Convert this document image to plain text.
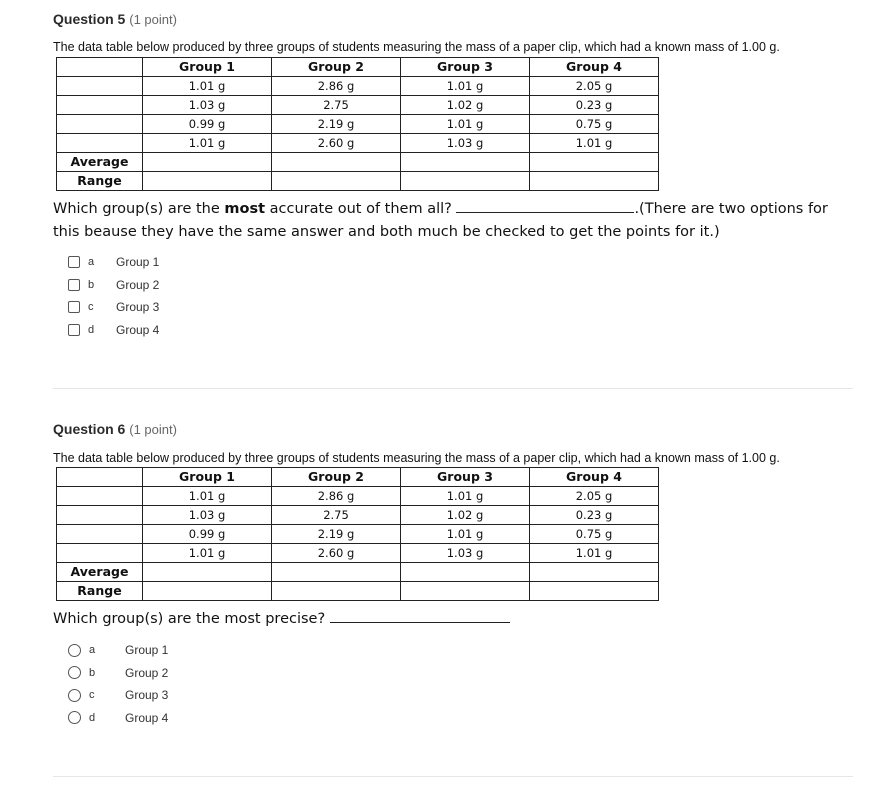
Question 5 (1 point)
The data table below produced by three groups of students measuring the mass of a paper clip, which had a known mass of 1.00 g.
	Group 1	Group 2	Group 3	Group 4
	1.01 g	2.86 g	1.01 g	2.05 g
	1.03 g	2.75	1.02 g	0.23 g
	0.99 g	2.19 g	1.01 g	0.75 g
	1.01 g	2.60 g	1.03 g	1.01 g
Average				
Range				
Which group(s) are the most accurate out of them all?	.(There are two options for this beause they have the same answer and both much be checked to get the points for it.)
a	Group 1
b	Group 2
c	Group 3
d	Group 4
Question 6 (1 point)
The data table below produced by three groups of students measuring the mass of a paper clip, which had a known mass of 1.00 g.
	Group 1	Group 2	Group 3	Group 4
	1.01 g	2.86 g	1.01 g	2.05 g
	1.03 g	2.75	1.02 g	0.23 g
	0.99 g	2.19 g	1.01 g	0.75 g
	1.01 g	2.60 g	1.03 g	1.01 g
Average				
Range				
Which group(s) are the most precise?
a	Group 1
b	Group 2
c	Group 3
d	Group 4
